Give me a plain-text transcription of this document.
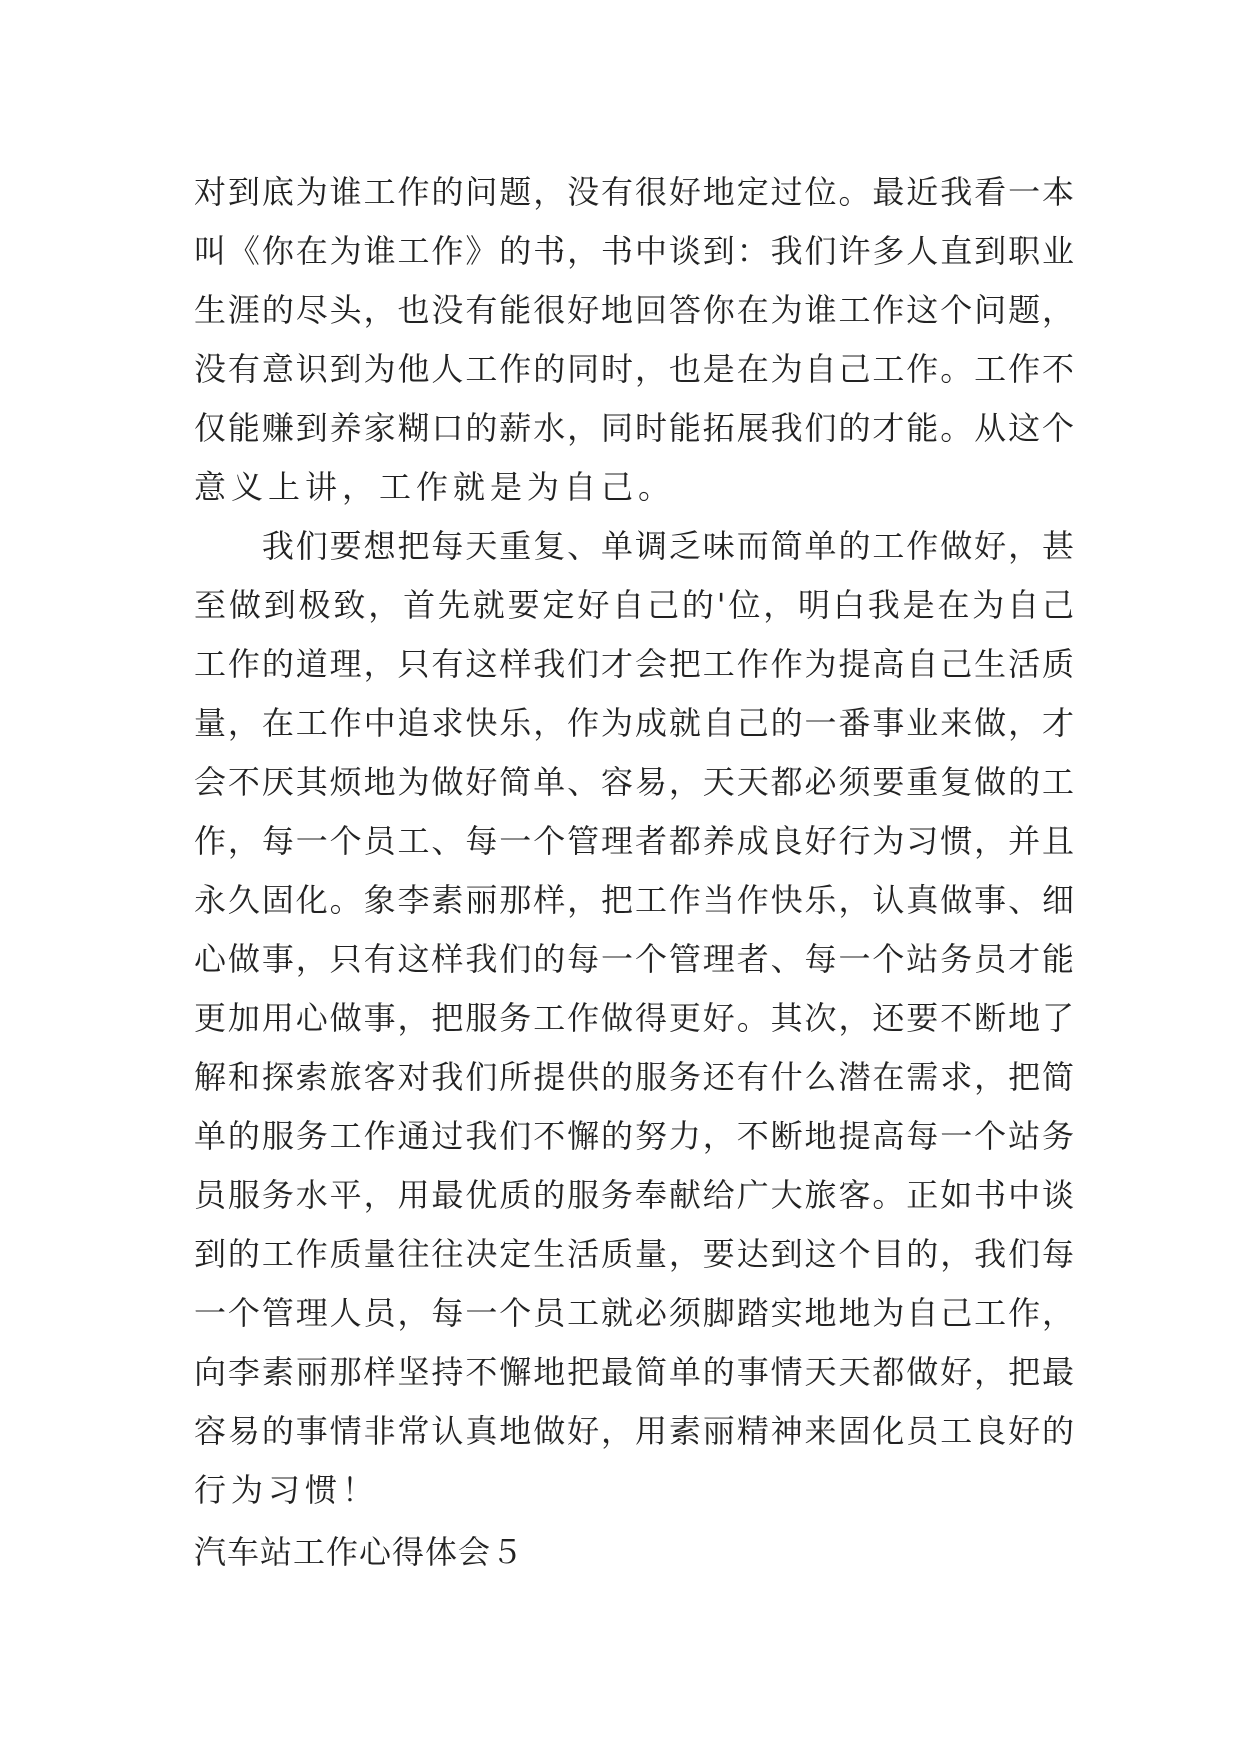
对到底为谁工作的问题，没有很好地定过位。最近我看一本
叫《你在为谁工作》的书，书中谈到：我们许多人直到职业
生涯的尽头，也没有能很好地回答你在为谁工作这个问题，
没有意识到为他人工作的同时，也是在为自己工作。工作不
仅能赚到养家糊口的薪水，同时能拓展我们的才能。从这个
意义上讲，工作就是为自己。
　　我们要想把每天重复、单调乏味而简单的工作做好，甚
至做到极致，首先就要定好自己的'位，明白我是在为自己
工作的道理，只有这样我们才会把工作作为提高自己生活质
量，在工作中追求快乐，作为成就自己的一番事业来做，才
会不厌其烦地为做好简单、容易，天天都必须要重复做的工
作，每一个员工、每一个管理者都养成良好行为习惯，并且
永久固化。象李素丽那样，把工作当作快乐，认真做事、细
心做事，只有这样我们的每一个管理者、每一个站务员才能
更加用心做事，把服务工作做得更好。其次，还要不断地了
解和探索旅客对我们所提供的服务还有什么潜在需求，把简
单的服务工作通过我们不懈的努力，不断地提高每一个站务
员服务水平，用最优质的服务奉献给广大旅客。正如书中谈
到的工作质量往往决定生活质量，要达到这个目的，我们每
一个管理人员，每一个员工就必须脚踏实地地为自己工作，
向李素丽那样坚持不懈地把最简单的事情天天都做好，把最
容易的事情非常认真地做好，用素丽精神来固化员工良好的
行为习惯！
汽车站工作心得体会５
